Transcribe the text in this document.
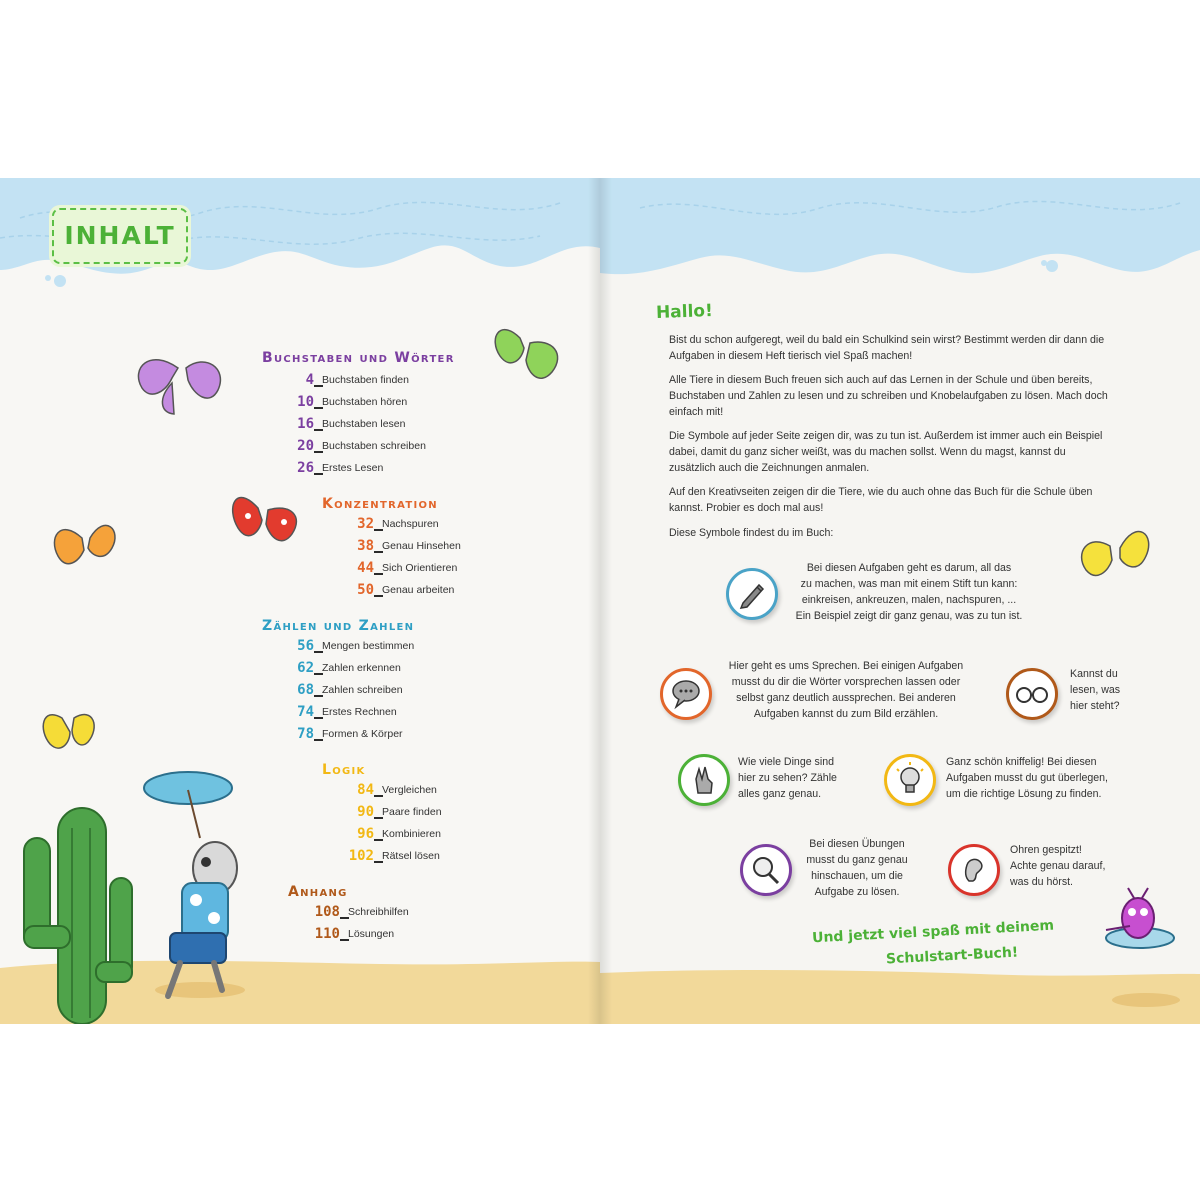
INHALT
Buchstaben und Wörter
4 Buchstaben finden
10 Buchstaben hören
16 Buchstaben lesen
20 Buchstaben schreiben
26 Erstes Lesen
Konzentration
32 Nachspuren
38 Genau Hinsehen
44 Sich Orientieren
50 Genau arbeiten
Zählen und Zahlen
56 Mengen bestimmen
62 Zahlen erkennen
68 Zahlen schreiben
74 Erstes Rechnen
78 Formen & Körper
Logik
84 Vergleichen
90 Paare finden
96 Kombinieren
102 Rätsel lösen
Anhang
108 Schreibhilfen
110 Lösungen
Hallo!
Bist du schon aufgeregt, weil du bald ein Schulkind sein wirst? Bestimmt werden dir dann die Aufgaben in diesem Heft tierisch viel Spaß machen!
Alle Tiere in diesem Buch freuen sich auch auf das Lernen in der Schule und üben bereits, Buchstaben und Zahlen zu lesen und zu schreiben und Knobelaufgaben zu lösen. Mach doch einfach mit!
Die Symbole auf jeder Seite zeigen dir, was zu tun ist. Außerdem ist immer auch ein Beispiel dabei, damit du ganz sicher weißt, was du machen sollst. Wenn du magst, kannst du zusätzlich auch die Zeichnungen anmalen.
Auf den Kreativseiten zeigen dir die Tiere, wie du auch ohne das Buch für die Schule üben kannst. Probier es doch mal aus!
Diese Symbole findest du im Buch:
Bei diesen Aufgaben geht es darum, all das
zu machen, was man mit einem Stift tun kann:
einkreisen, ankreuzen, malen, nachspuren, ...
Ein Beispiel zeigt dir ganz genau, was zu tun ist.
Hier geht es ums Sprechen. Bei einigen Aufgaben
musst du dir die Wörter vorsprechen lassen oder
selbst ganz deutlich aussprechen. Bei anderen
Aufgaben kannst du zum Bild erzählen.
Kannst du
lesen, was
hier steht?
Wie viele Dinge sind
hier zu sehen? Zähle
alles ganz genau.
Ganz schön kniffelig! Bei diesen
Aufgaben musst du gut überlegen,
um die richtige Lösung zu finden.
Bei diesen Übungen
musst du ganz genau
hinschauen, um die
Aufgabe zu lösen.
Ohren gespitzt!
Achte genau darauf,
was du hörst.
Und jetzt viel spaß mit deinem
Schulstart-Buch!
